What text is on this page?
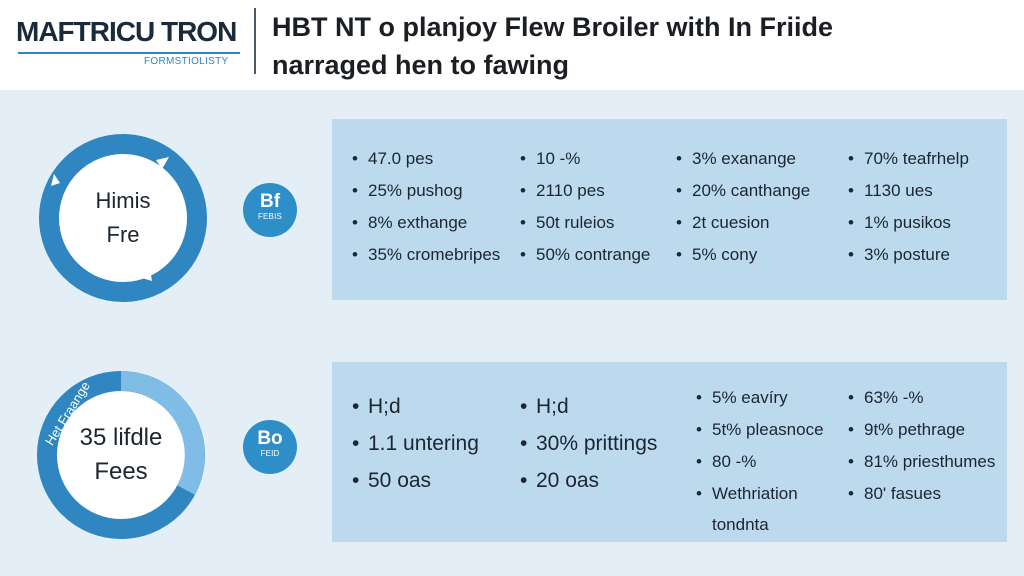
MAFTRICU TRON
FORMSTIOLISTY
HBT NT o planjoy Flew Broiler with In Friide
narraged hen to fawing
Himis
Fre
Bf
FEBIS
• 47.0 pes
• 25% pushog
• 8% exthange
• 35% cromebripes
• 10 -%
• 2110 pes
• 50t ruleios
• 50% contrange
• 3% exanange
• 20% canthange
• 2t cuesion
• 5% cony
• 70% teafrhelp
• 1130 ues
• 1% pusikos
• 3% posture
35 lifdle
Fees
Het Fraange	Bo
FEID
• H;d
• 1.1 untering
• 50 oas
• H;d
• 30% prittings
• 20 oas
• 5% eavíry
• 5t% pleasnoce
• 80 -%
• Wethriation
tondnta
• 63% -%
• 9t% pethrage
• 81% priesthumes
• 80' fasues
